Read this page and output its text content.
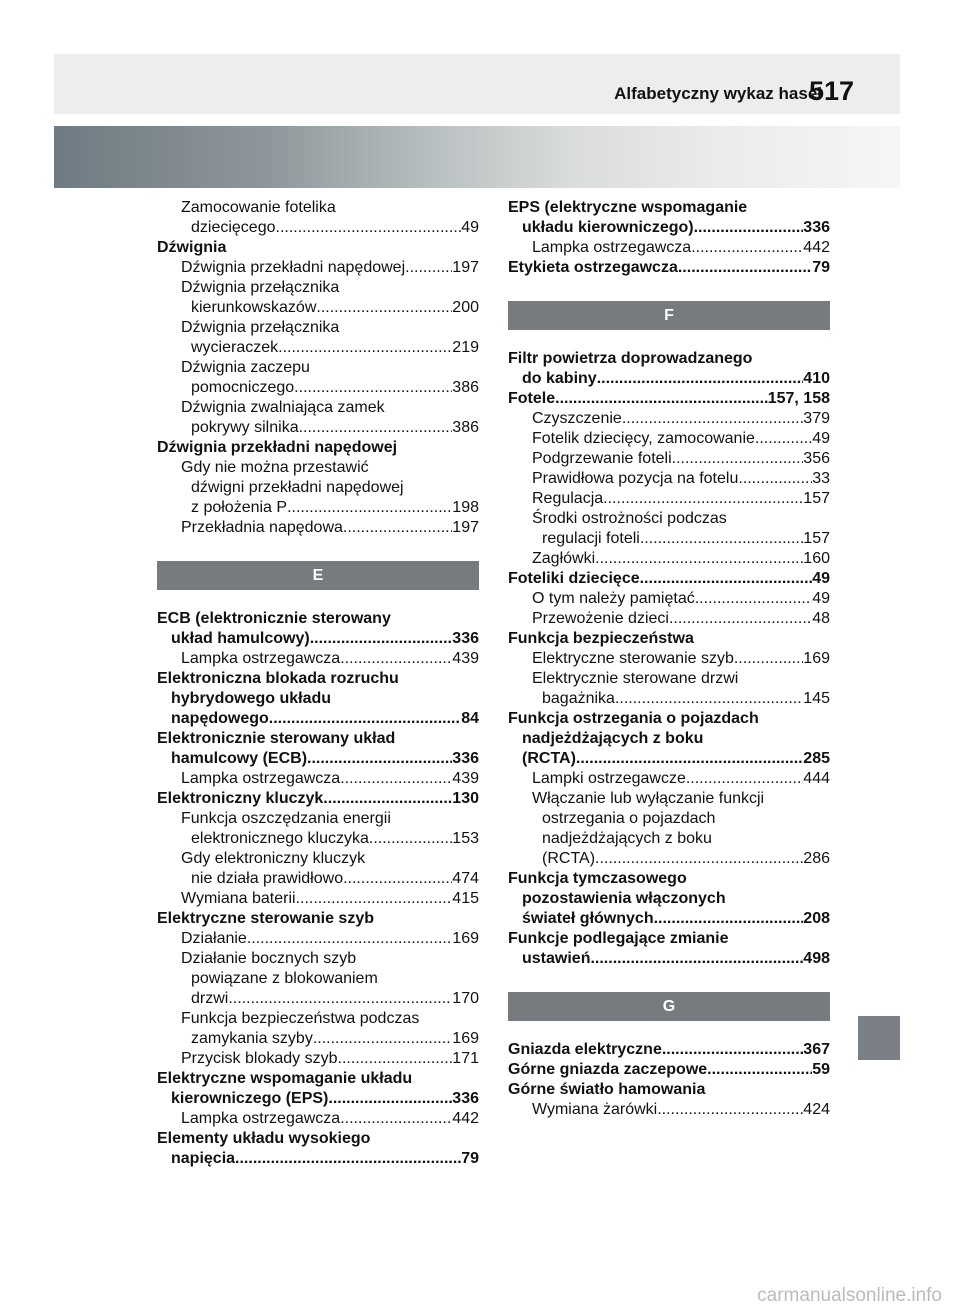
Alfabetyczny wykaz haseł
517
Zamocowanie fotelika
dziecięcego .....	49
Dźwignia
Dźwignia przekładni napędowej .....	197
Dźwignia przełącznika
kierunkowskazów .....	200
Dźwignia przełącznika
wycieraczek .....	219
Dźwignia zaczepu
pomocniczego .....	386
Dźwignia zwalniająca zamek
pokrywy silnika .....	386
Dźwignia przekładni napędowej
Gdy nie można przestawić
dźwigni przekładni napędowej
z położenia P .....	198
Przekładnia napędowa .....	197
E
ECB (elektronicznie sterowany
układ hamulcowy) .....	336
Lampka ostrzegawcza .....	439
Elektroniczna blokada rozruchu
hybrydowego układu
napędowego .....	84
Elektronicznie sterowany układ
hamulcowy (ECB) .....	336
Lampka ostrzegawcza .....	439
Elektroniczny kluczyk .....	130
Funkcja oszczędzania energii
elektronicznego kluczyka .....	153
Gdy elektroniczny kluczyk
nie działa prawidłowo .....	474
Wymiana baterii .....	415
Elektryczne sterowanie szyb
Działanie .....	169
Działanie bocznych szyb
powiązane z blokowaniem
drzwi .....	170
Funkcja bezpieczeństwa podczas
zamykania szyby .....	169
Przycisk blokady szyb .....	171
Elektryczne wspomaganie układu
kierowniczego (EPS) .....	336
Lampka ostrzegawcza .....	442
Elementy układu wysokiego
napięcia .....	79
EPS (elektryczne wspomaganie
układu kierowniczego) .....	336
Lampka ostrzegawcza .....	442
Etykieta ostrzegawcza .....	79
F
Filtr powietrza doprowadzanego
do kabiny .....	410
Fotele .....	157, 158
Czyszczenie .....	379
Fotelik dziecięcy, zamocowanie .....	49
Podgrzewanie foteli .....	356
Prawidłowa pozycja na fotelu .....	33
Regulacja .....	157
Środki ostrożności podczas
regulacji foteli .....	157
Zagłówki .....	160
Foteliki dziecięce .....	49
O tym należy pamiętać .....	49
Przewożenie dzieci .....	48
Funkcja bezpieczeństwa
Elektryczne sterowanie szyb .....	169
Elektrycznie sterowane drzwi
bagażnika .....	145
Funkcja ostrzegania o pojazdach
nadjeżdżających z boku
(RCTA) .....	285
Lampki ostrzegawcze .....	444
Włączanie lub wyłączanie funkcji
ostrzegania o pojazdach
nadjeżdżających z boku
(RCTA) .....	286
Funkcja tymczasowego
pozostawienia włączonych
świateł głównych .....	208
Funkcje podlegające zmianie
ustawień .....	498
G
Gniazda elektryczne .....	367
Górne gniazda zaczepowe .....	59
Górne światło hamowania
Wymiana żarówki .....	424
carmanualsonline.info
